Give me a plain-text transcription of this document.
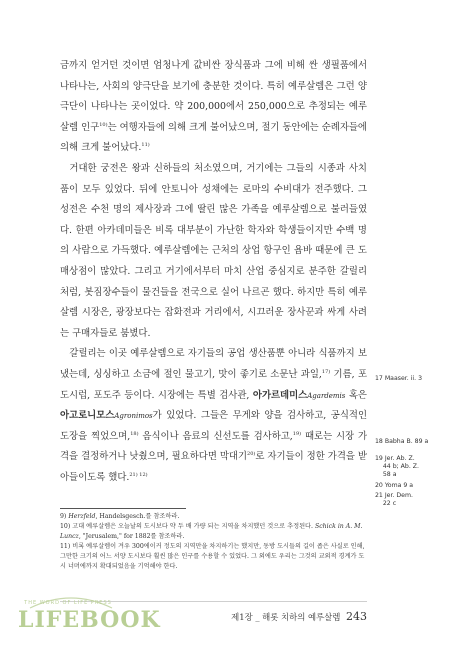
금까지 얻거던 것이면 엄청나게 값비싼 장식품과 그에 비해 싼 생필품에서 나타나는, 사회의 양극단을 보기에 충분한 것이다. 특히 예루살렘은 그런 양극단이 나타나는 곳이었다. 약 200,000에서 250,000으로 추정되는 예루살렘 인구$^{10)}$는 여행자들에 의해 크게 불어났으며, 절기 동안에는 순례자들에 의해 크게 불어났다.$^{11)}$

거대한 궁전은 왕과 신하들의 처소였으며, 거기에는 그들의 시종과 사치품이 모두 있었다. 뒤에 안토니아 성채에는 로마의 수비대가 전주했다. 그 성전은 수천 명의 제사장과 그에 딸린 많은 가족을 예루살렘으로 불러들였다. 한편 아카데미들은 비록 대부분이 가난한 학자와 학생들이지만 수백 명의 사람으로 가득했다. 예루살렘에는 근처의 상업 항구인 욥바 때문에 큰 도매상점이 많았다. 그리고 거기에서부터 마치 산업 중심지로 분주한 갈릴리처럼, 봇짐장수들이 물건들을 전국으로 실어 나르곤 했다. 하지만 특히 예루살렘 시장은, 광장보다는 잡화전과 거리에서, 시끄러운 장사꾼과 싸게 사려는 구매자들로 붐볐다.

갈릴리는 이곳 예루살렘으로 자기들의 공업 생산품뿐 아니라 식품까지 보냈는데, 싱싱하고 소금에 절인 물고기, 맛이 좋기로 소문난 과일,$^{17)}$ 기름, 포도시럽, 포도주 등이다. 시장에는 특별 검사관, 아가르데미스Agardemis 혹은 아고로니모스Agronimos가 있었다. 그들은 무게와 양을 검사하고, 공식적인 도장을 찍었으며,$^{18)}$ 음식이나 음료의 신선도를 검사하고,$^{19)}$ 때로는 시장 가격을 결정하거나 낫췄으며, 필요하다면 막대기$^{20)}$로 자기들이 정한 가격을 받아들이도록 했다.$^{21) 12)}$

17 Maaser. ii. 3
18 Babha B. 89 a
19 Jer. Ab. Z.
44 b; Ab. Z.
58 a
20 Yoma 9 a
21 Jer. Dem.
22 c

9) Herzfeld, Handelsgesch.를 참조하라.

10) 고대 예루살렘은 오늘날의 도시보다 약 두 배 가량 되는 지역을 차지했던 것으로 추정된다. Schick in A. M. Luncz, "Jerusalem," for 1882를 참조하라.

11) 비록 예루살렘이 겨우 300에이커 정도의 지역만을 차지하기는 했지만, 동방 도시들의 길이 좁은 사실로 인해, 그만한 크기의 어느 서양 도시보다 훨씬 많은 인구를 수용할 수 있었다. 그 외에도 우리는 그것의 교외적 경계가 도시 너머에까지 확대되었음을 기억해야 한다.

제1장 _ 해롯 치하의 예루살렘 243
THE WORD OF LIFE PRESS
LIFEBOOK
